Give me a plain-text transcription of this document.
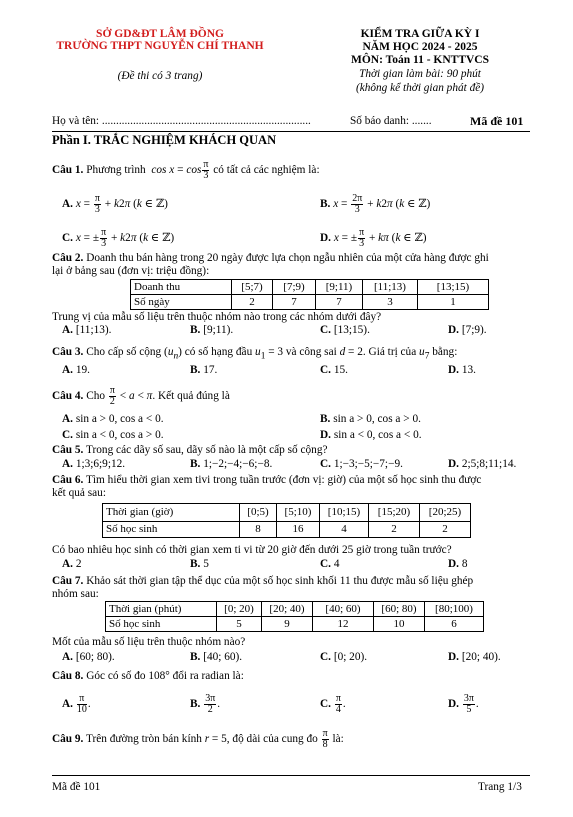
SỞ GD&ĐT LÂM ĐỒNG
TRƯỜNG THPT NGUYỄN CHÍ THANH
(Đề thi có 3 trang)
KIỂM TRA GIỮA KỲ I
NĂM HỌC 2024 - 2025
MÔN: Toán 11 - KNTTVCS
Thời gian làm bài: 90 phút
(không kể thời gian phát đề)
Họ và tên: ..........................................................................	Số báo danh: .......	Mã đề 101
Phần I. TRẮC NGHIỆM KHÁCH QUAN
Câu 1. Phương trình  $\cos x = \cos \frac{\pi}{3}$ có tất cả các nghiệm là:
A. $x = \frac{\pi}{3} + k2\pi$ (k ∈ ℤ)	B. $x = \frac{2\pi}{3} + k2\pi$ (k ∈ ℤ)
C. x = ± $\frac{\pi}{3} + k2\pi$ (k ∈ ℤ)	D. x = ± $\frac{\pi}{3} + k\pi$ (k ∈ ℤ)
Câu 2. Doanh thu bán hàng trong 20 ngày được lựa chọn ngẫu nhiên của một cửa hàng được ghi
lại ở bảng sau (đơn vị: triệu đồng):
Doanh thu	[5;7)	[7;9)	[9;11)	[11;13)	[13;15)
Số ngày	2	7	7	3	1
Trung vị của mẫu số liệu trên thuộc nhóm nào trong các nhóm dưới đây?
A. [11;13).	B. [9;11).	C. [13;15).	D. [7;9).
Câu 3. Cho cấp số cộng $(u_n)$ có số hạng đầu $u_1 = 3$ và công sai d = 2. Giá trị của $u_7$ bằng:
A. 19.	B. 17.	C. 15.	D. 13.
Câu 4. Cho $\frac{\pi}{2} < a < \pi$. Kết quả đúng là
A. sin a > 0, cos a < 0.	B. sin a > 0, cos a > 0.
C. sin a < 0, cos a > 0.	D. sin a < 0, cos a < 0.
Câu 5. Trong các dãy số sau, dãy số nào là một cấp số cộng?
A. 1;3;6;9;12.	B. 1;−2;−4;−6;−8.	C. 1;−3;−5;−7;−9.	D. 2;5;8;11;14.
Câu 6. Tìm hiểu thời gian xem tivi trong tuần trước (đơn vị: giờ) của một số học sinh thu được
kết quả sau:
Thời gian (giờ)	[0;5)	[5;10)	[10;15)	[15;20)	[20;25)
Số học sinh	8	16	4	2	2
Có bao nhiêu học sinh có thời gian xem ti vi từ 20 giờ đến dưới 25 giờ trong tuần trước?
A. 2	B. 5	C. 4	D. 8
Câu 7. Khảo sát thời gian tập thể dục của một số học sinh khối 11 thu được mẫu số liệu ghép
nhóm sau:
Thời gian (phút)	[0; 20)	[20; 40)	[40; 60)	[60; 80)	[80;100)
Số học sinh	5	9	12	10	6
Mốt của mẫu số liệu trên thuộc nhóm nào?
A. [60; 80).	B. [40; 60).	C. [0; 20).	D. [20; 40).
Câu 8. Góc có số đo 108° đổi ra radian là:
A. $\frac{\pi}{10}$ .	B. $\frac{3\pi}{2}$ .	C. $\frac{\pi}{4}$ .	D. $\frac{3\pi}{5}$ .
Câu 9. Trên đường tròn bán kính r = 5, độ dài của cung đo $\frac{\pi}{8}$ là:
Mã đề 101	Trang 1/3
